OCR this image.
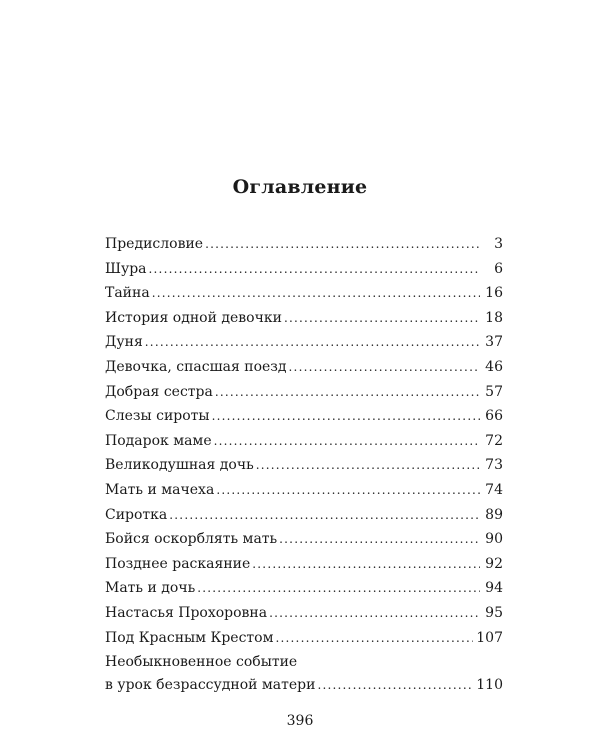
Оглавление
Предисловие .....	3
Шура .....	6
Тайна .....	16
История одной девочки .....	18
Дуня .....	37
Девочка, спасшая поезд .....	46
Добрая сестра .....	57
Слезы сироты .....	66
Подарок маме .....	72
Великодушная дочь .....	73
Мать и мачеха .....	74
Сиротка .....	89
Бойся оскорблять мать .....	90
Позднее раскаяние .....	92
Мать и дочь .....	94
Настасья Прохоровна .....	95
Под Красным Крестом .....	107
Необыкновенное событие
в урок безрассудной матери .....	110
396
